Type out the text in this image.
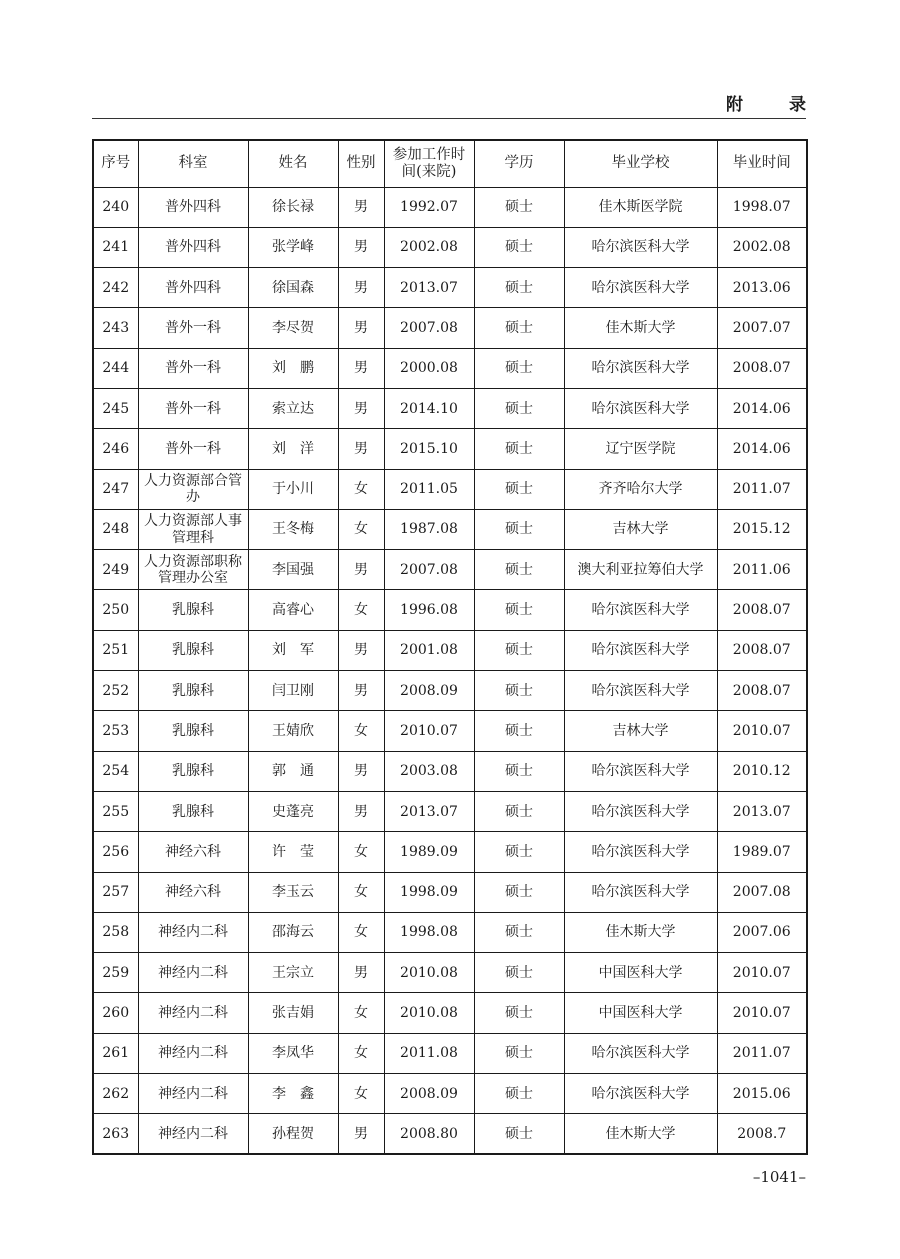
附	录
序号	科室	姓名	性别	参加工作时间(来院)	学历	毕业学校	毕业时间
240	普外四科	徐长禄	男	1992.07	硕士	佳木斯医学院	1998.07
241	普外四科	张学峰	男	2002.08	硕士	哈尔滨医科大学	2002.08
242	普外四科	徐国森	男	2013.07	硕士	哈尔滨医科大学	2013.06
243	普外一科	李尽贺	男	2007.08	硕士	佳木斯大学	2007.07
244	普外一科	刘　鹏	男	2000.08	硕士	哈尔滨医科大学	2008.07
245	普外一科	索立达	男	2014.10	硕士	哈尔滨医科大学	2014.06
246	普外一科	刘　洋	男	2015.10	硕士	辽宁医学院	2014.06
247	人力资源部合管办	于小川	女	2011.05	硕士	齐齐哈尔大学	2011.07
248	人力资源部人事管理科	王冬梅	女	1987.08	硕士	吉林大学	2015.12
249	人力资源部职称管理办公室	李国强	男	2007.08	硕士	澳大利亚拉筹伯大学	2011.06
250	乳腺科	高睿心	女	1996.08	硕士	哈尔滨医科大学	2008.07
251	乳腺科	刘　军	男	2001.08	硕士	哈尔滨医科大学	2008.07
252	乳腺科	闫卫刚	男	2008.09	硕士	哈尔滨医科大学	2008.07
253	乳腺科	王婧欣	女	2010.07	硕士	吉林大学	2010.07
254	乳腺科	郭　通	男	2003.08	硕士	哈尔滨医科大学	2010.12
255	乳腺科	史蓬亮	男	2013.07	硕士	哈尔滨医科大学	2013.07
256	神经六科	许　莹	女	1989.09	硕士	哈尔滨医科大学	1989.07
257	神经六科	李玉云	女	1998.09	硕士	哈尔滨医科大学	2007.08
258	神经内二科	邵海云	女	1998.08	硕士	佳木斯大学	2007.06
259	神经内二科	王宗立	男	2010.08	硕士	中国医科大学	2010.07
260	神经内二科	张吉娟	女	2010.08	硕士	中国医科大学	2010.07
261	神经内二科	李凤华	女	2011.08	硕士	哈尔滨医科大学	2011.07
262	神经内二科	李　鑫	女	2008.09	硕士	哈尔滨医科大学	2015.06
263	神经内二科	孙程贺	男	2008.80	硕士	佳木斯大学	2008.7
–1041–
